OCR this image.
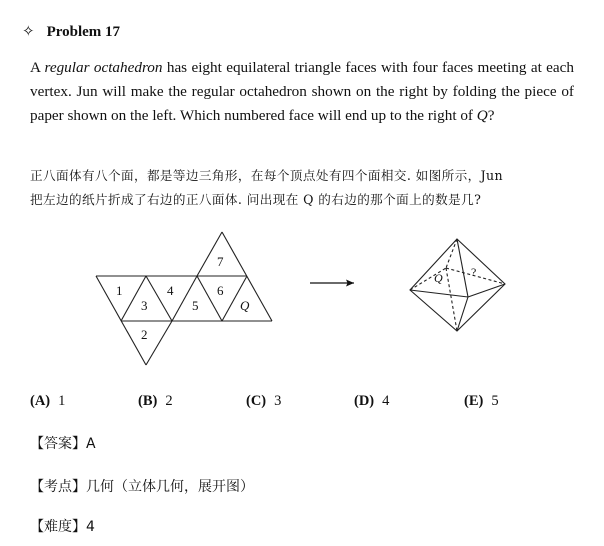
✧ Problem 17

A regular octahedron has eight equilateral triangle faces with four faces meeting at each vertex. Jun will make the regular octahedron shown on the right by folding the piece of paper shown on the left. Which numbered face will end up to the right of Q?

正八面体有八个面，都是等边三角形，在每个顶点处有四个面相交. 如图所示，Jun

把左边的纸片折成了右边的正八面体. 问出现在 Q 的右边的那个面上的数是几?

1
3
4
5
6
7
2
Q
Q ?
(A) 1	(B) 2	(C) 3	(D) 4	(E) 5
【答案】A
【考点】几何（立体几何，展开图）
【难度】4
